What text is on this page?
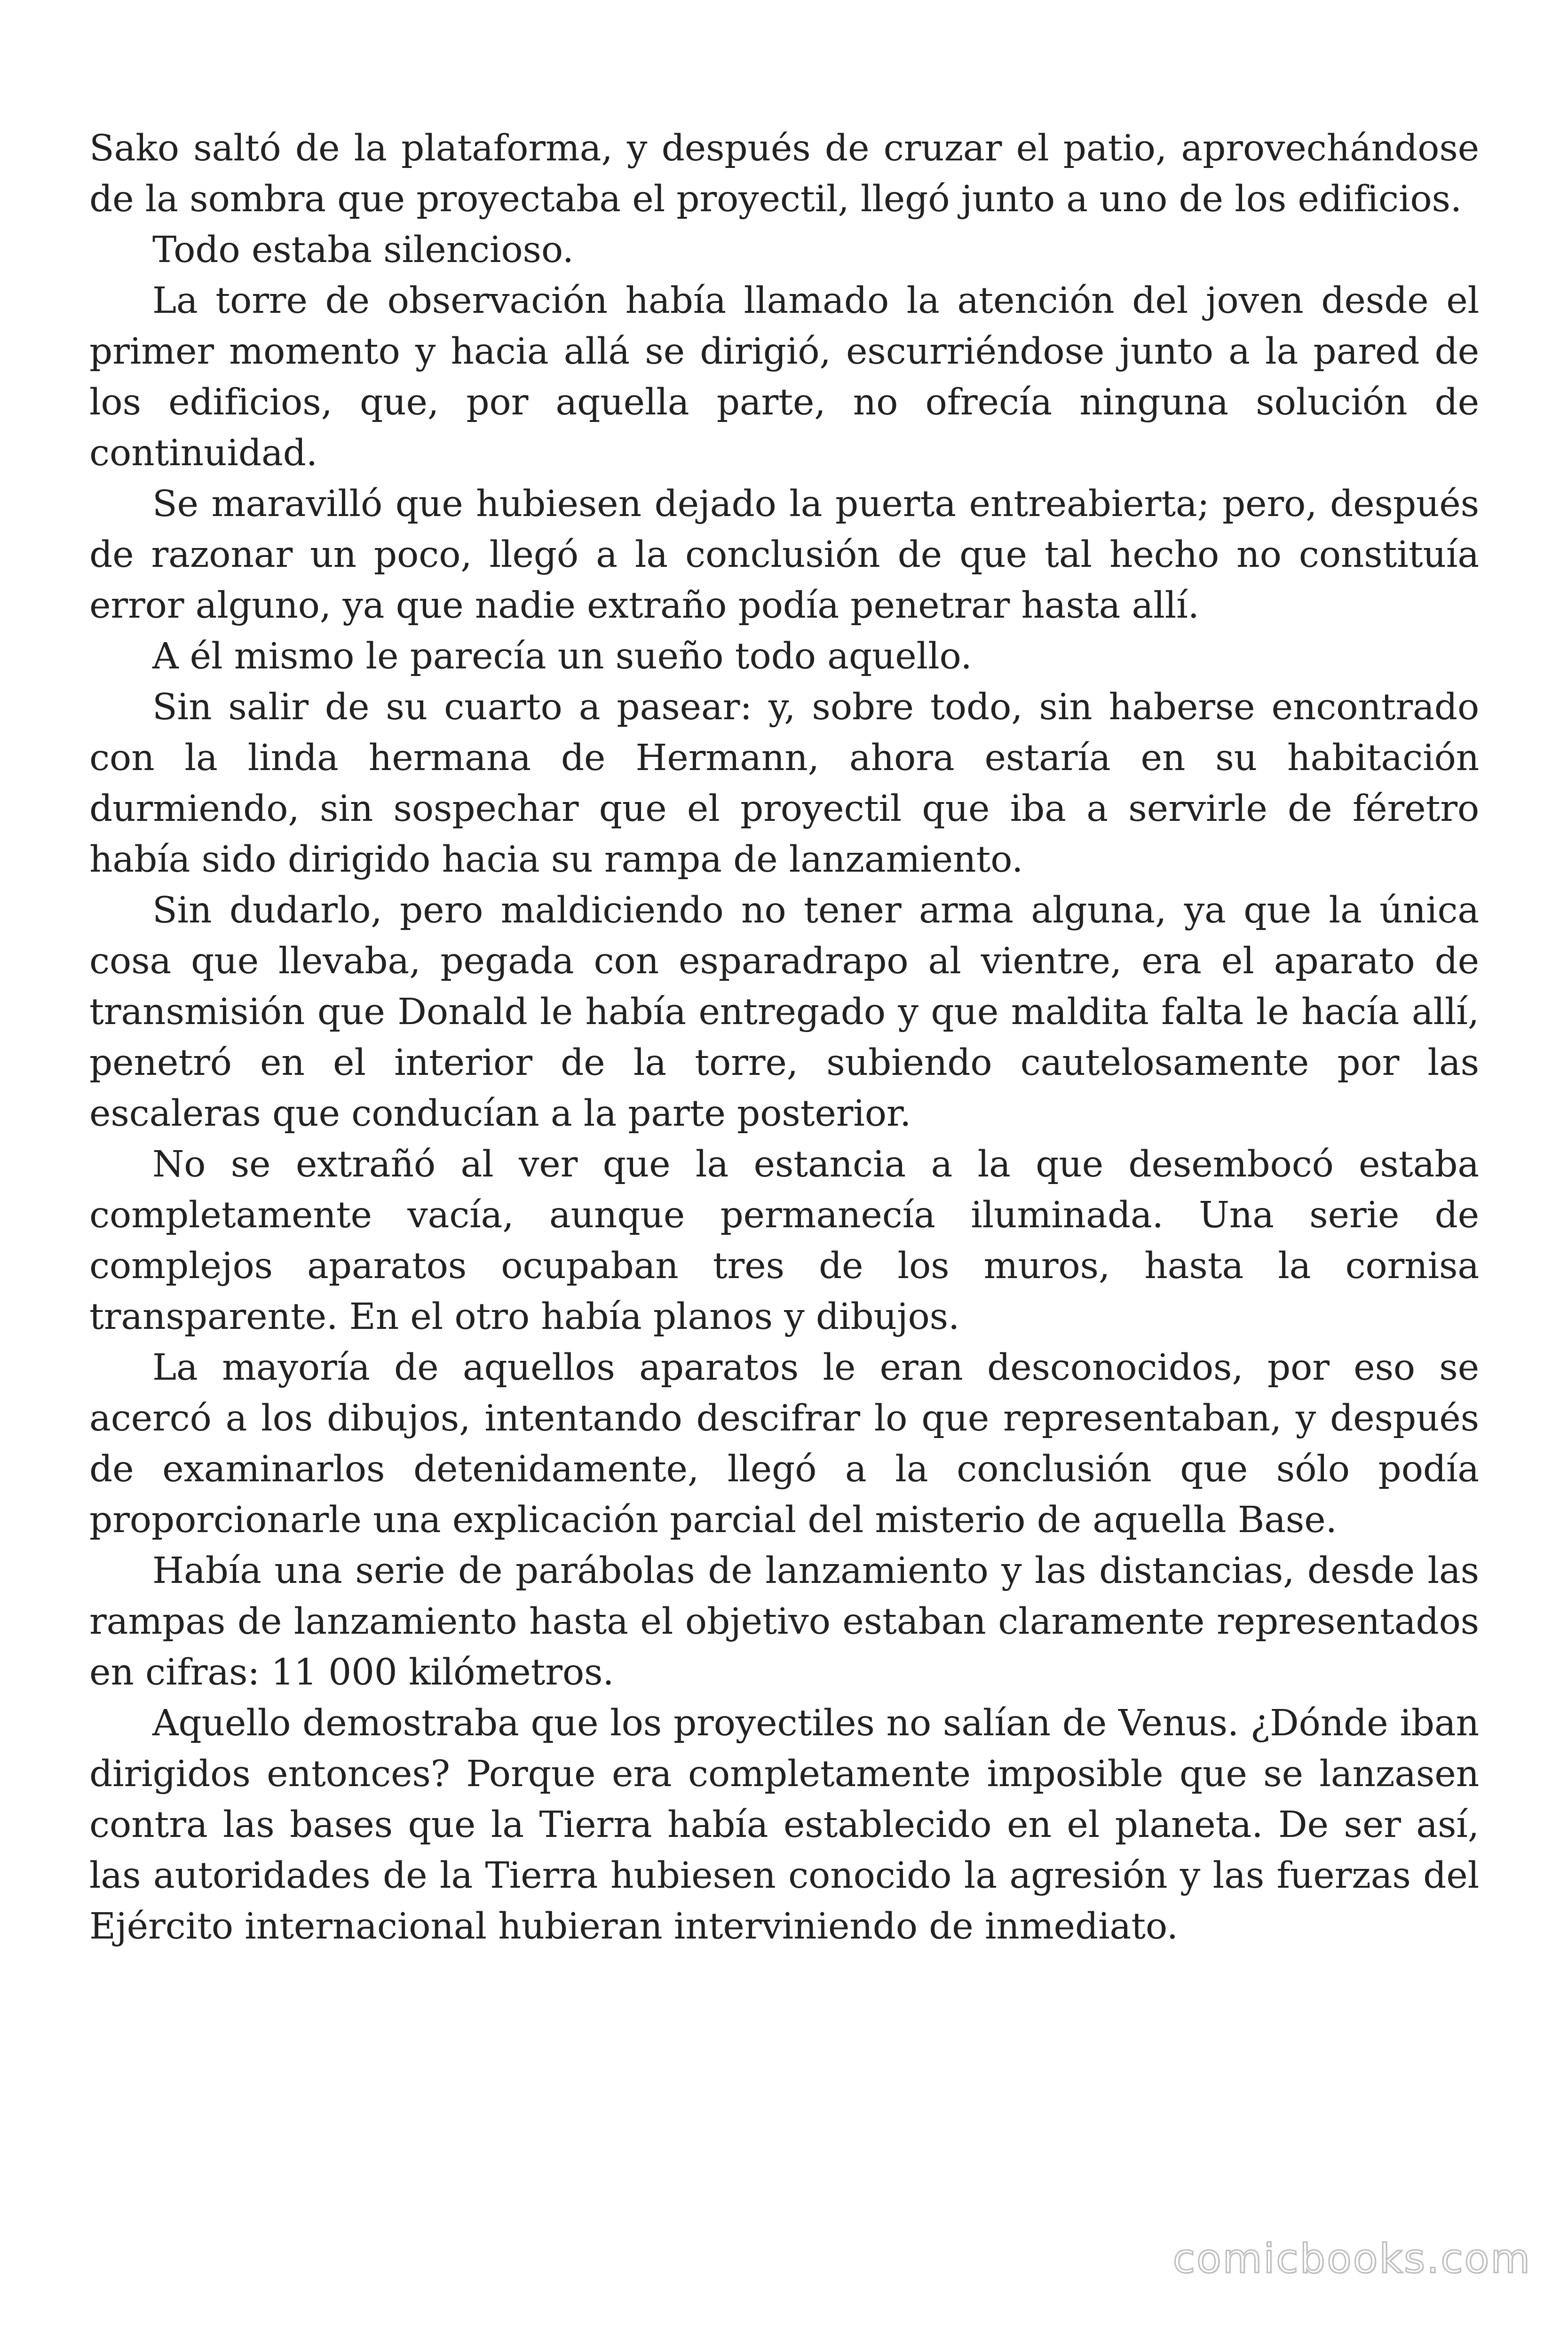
Sako saltó de la plataforma, y después de cruzar el patio, aprovechándose de la sombra que proyectaba el proyectil, llegó junto a uno de los edificios.

Todo estaba silencioso.

La torre de observación había llamado la atención del joven desde el primer momento y hacia allá se dirigió, escurriéndose junto a la pared de los edificios, que, por aquella parte, no ofrecía ninguna solución de continuidad.

Se maravilló que hubiesen dejado la puerta entreabierta; pero, después de razonar un poco, llegó a la conclusión de que tal hecho no constituía error alguno, ya que nadie extraño podía penetrar hasta allí.

A él mismo le parecía un sueño todo aquello.

Sin salir de su cuarto a pasear: y, sobre todo, sin haberse encontrado con la linda hermana de Hermann, ahora estaría en su habitación durmiendo, sin sospechar que el proyectil que iba a servirle de féretro había sido dirigido hacia su rampa de lanzamiento.

Sin dudarlo, pero maldiciendo no tener arma alguna, ya que la única cosa que llevaba, pegada con esparadrapo al vientre, era el aparato de transmisión que Donald le había entregado y que maldita falta le hacía allí, penetró en el interior de la torre, subiendo cautelosamente por las escaleras que conducían a la parte posterior.

No se extrañó al ver que la estancia a la que desembocó estaba completamente vacía, aunque permanecía iluminada. Una serie de complejos aparatos ocupaban tres de los muros, hasta la cornisa transparente. En el otro había planos y dibujos.

La mayoría de aquellos aparatos le eran desconocidos, por eso se acercó a los dibujos, intentando descifrar lo que representaban, y después de examinarlos detenidamente, llegó a la conclusión que sólo podía proporcionarle una explicación parcial del misterio de aquella Base.

Había una serie de parábolas de lanzamiento y las distancias, desde las rampas de lanzamiento hasta el objetivo estaban claramente representados en cifras: 11 000 kilómetros.

Aquello demostraba que los proyectiles no salían de Venus. ¿Dónde iban dirigidos entonces? Porque era completamente imposible que se lanzasen contra las bases que la Tierra había establecido en el planeta. De ser así, las autoridades de la Tierra hubiesen conocido la agresión y las fuerzas del Ejército internacional hubieran interviniendo de inmediato.

comicbooks.com
